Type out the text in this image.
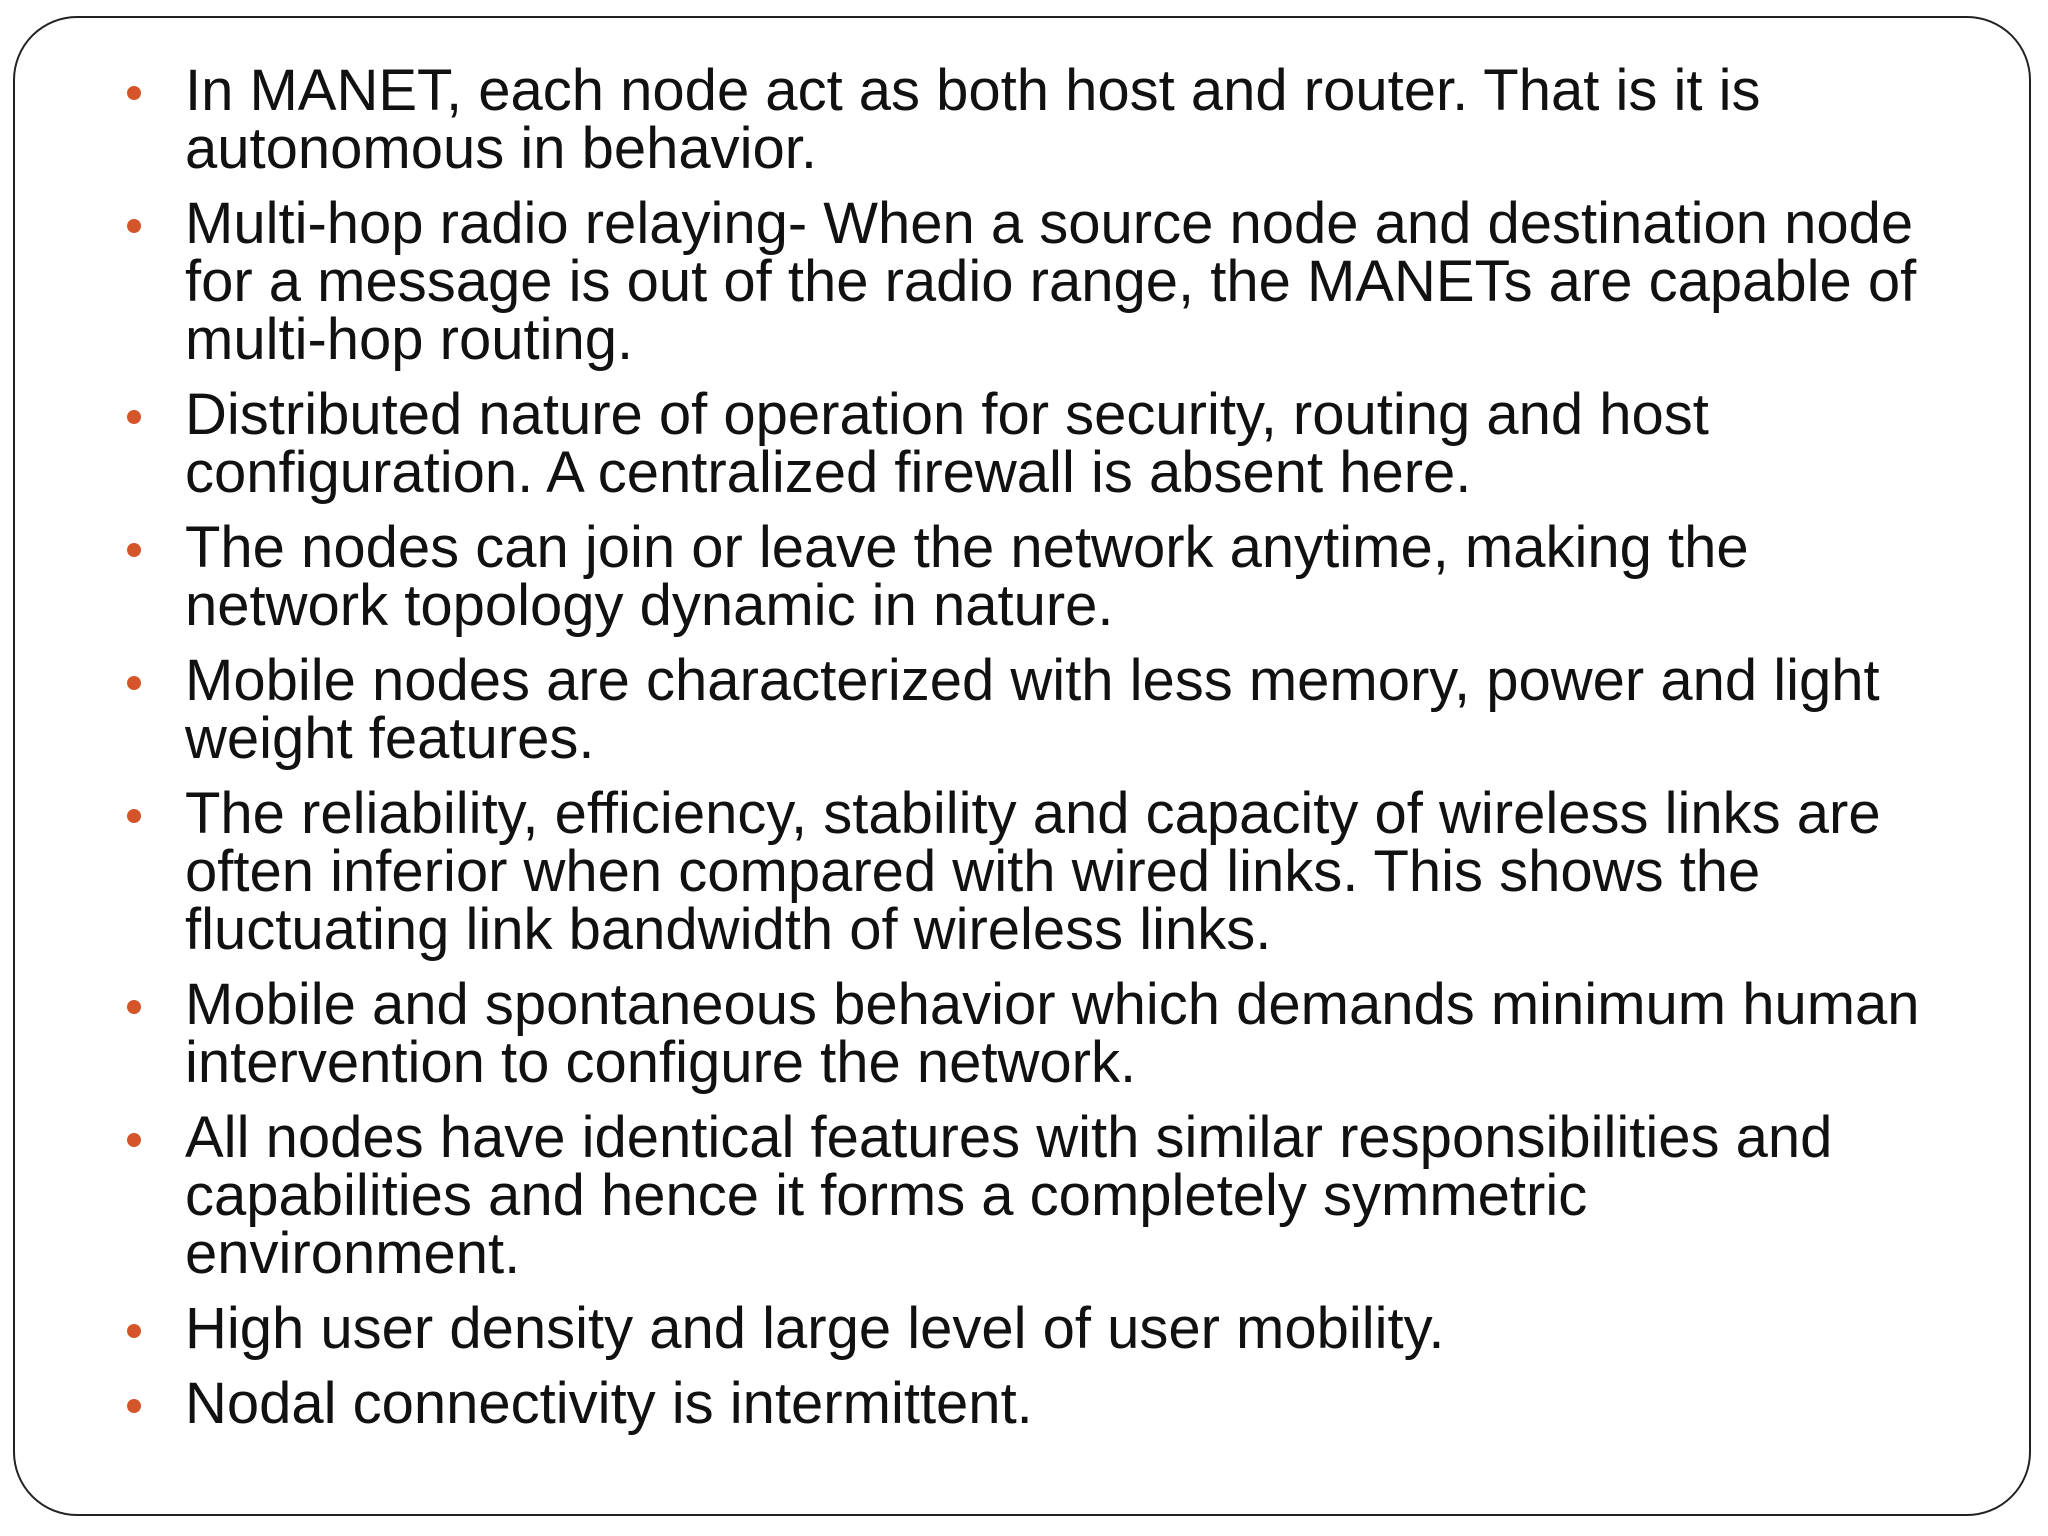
In MANET, each node act as both host and router. That is it is autonomous in behavior.
Multi-hop radio relaying- When a source node and destination node for a message is out of the radio range, the MANETs are capable of multi-hop routing.
Distributed nature of operation for security, routing and host configuration. A centralized firewall is absent here.
The nodes can join or leave the network anytime, making the network topology dynamic in nature.
Mobile nodes are characterized with less memory, power and light weight features.
The reliability, efficiency, stability and capacity of wireless links are often inferior when compared with wired links. This shows the fluctuating link bandwidth of wireless links.
Mobile and spontaneous behavior which demands minimum human intervention to configure the network.
All nodes have identical features with similar responsibilities and capabilities and hence it forms a completely symmetric environment.
High user density and large level of user mobility.
Nodal connectivity is intermittent.
